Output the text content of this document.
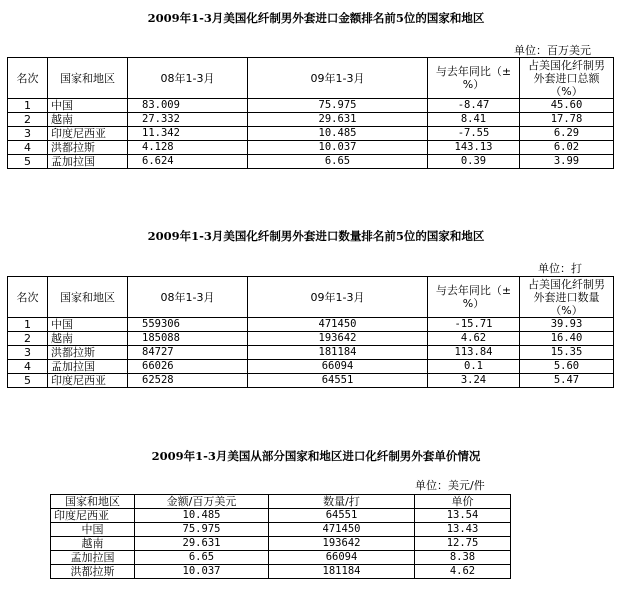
2009年1-3月美国化纤制男外套进口金额排名前5位的国家和地区
单位：百万美元
名次	国家和地区	08年1-3月	09年1-3月	与去年同比（±%）	占美国化纤制男外套进口总额（%）
1	中国	83.009	75.975	-8.47	45.60
2	越南	27.332	29.631	8.41	17.78
3	印度尼西亚	11.342	10.485	-7.55	6.29
4	洪都拉斯	4.128	10.037	143.13	6.02
5	孟加拉国	6.624	6.65	0.39	3.99
2009年1-3月美国化纤制男外套进口数量排名前5位的国家和地区
单位：打
名次	国家和地区	08年1-3月	09年1-3月	与去年同比（±%）	占美国化纤制男外套进口数量（%）
1	中国	559306	471450	-15.71	39.93
2	越南	185088	193642	4.62	16.40
3	洪都拉斯	84727	181184	113.84	15.35
4	孟加拉国	66026	66094	0.1	5.60
5	印度尼西亚	62528	64551	3.24	5.47
2009年1-3月美国从部分国家和地区进口化纤制男外套单价情况
单位：美元/件
国家和地区	金额/百万美元	数量/打	单价
印度尼西亚	10.485	64551	13.54
中国	75.975	471450	13.43
越南	29.631	193642	12.75
孟加拉国	6.65	66094	8.38
洪都拉斯	10.037	181184	4.62
